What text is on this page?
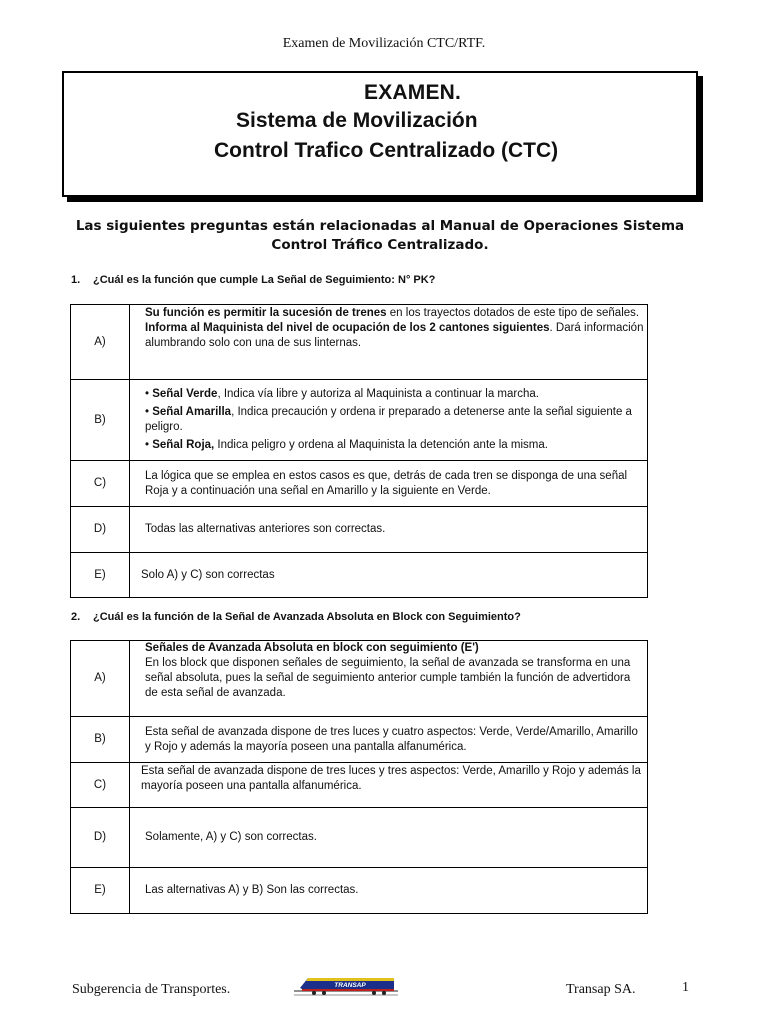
Examen de Movilización CTC/RTF.
EXAMEN.
Sistema de Movilización
Control Trafico Centralizado (CTC)
Las siguientes preguntas están relacionadas al Manual de Operaciones Sistema
Control Tráfico Centralizado.
1. ¿Cuál es la función que cumple La Señal de Seguimiento: N° PK?
A)	Su función es permitir la sucesión de trenes en los trayectos dotados de este tipo de señales.
Informa al Maquinista del nivel de ocupación de los 2 cantones siguientes. Dará información alumbrando solo con una de sus linternas.
B)	• Señal Verde, Indica vía libre y autoriza al Maquinista a continuar la marcha.
• Señal Amarilla, Indica precaución y ordena ir preparado a detenerse ante la señal siguiente a peligro.
• Señal Roja, Indica peligro y ordena al Maquinista la detención ante la misma.

C)	La lógica que se emplea en estos casos es que, detrás de cada tren se disponga de una señal Roja y a continuación una señal en Amarillo y la siguiente en Verde.
D)	Todas las alternativas anteriores son correctas.
E)	Solo A) y C) son correctas
2. ¿Cuál es la función de la Señal de Avanzada Absoluta en Block con Seguimiento?
A)	Señales de Avanzada Absoluta en block con seguimiento (E')
En los block que disponen señales de seguimiento, la señal de avanzada se transforma en una señal absoluta, pues la señal de seguimiento anterior cumple también la función de advertidora de esta señal de avanzada.

B)	Esta señal de avanzada dispone de tres luces y cuatro aspectos: Verde, Verde/Amarillo, Amarillo y Rojo y además la mayoría poseen una pantalla alfanumérica.
C)	Esta señal de avanzada dispone de tres luces y tres aspectos: Verde, Amarillo y Rojo y además la mayoría poseen una pantalla alfanumérica.
D)	Solamente, A) y C) son correctas.
E)	Las alternativas A) y B) Son las correctas.
Subgerencia de Transportes.	TRANSAP	Transap SA.	1
